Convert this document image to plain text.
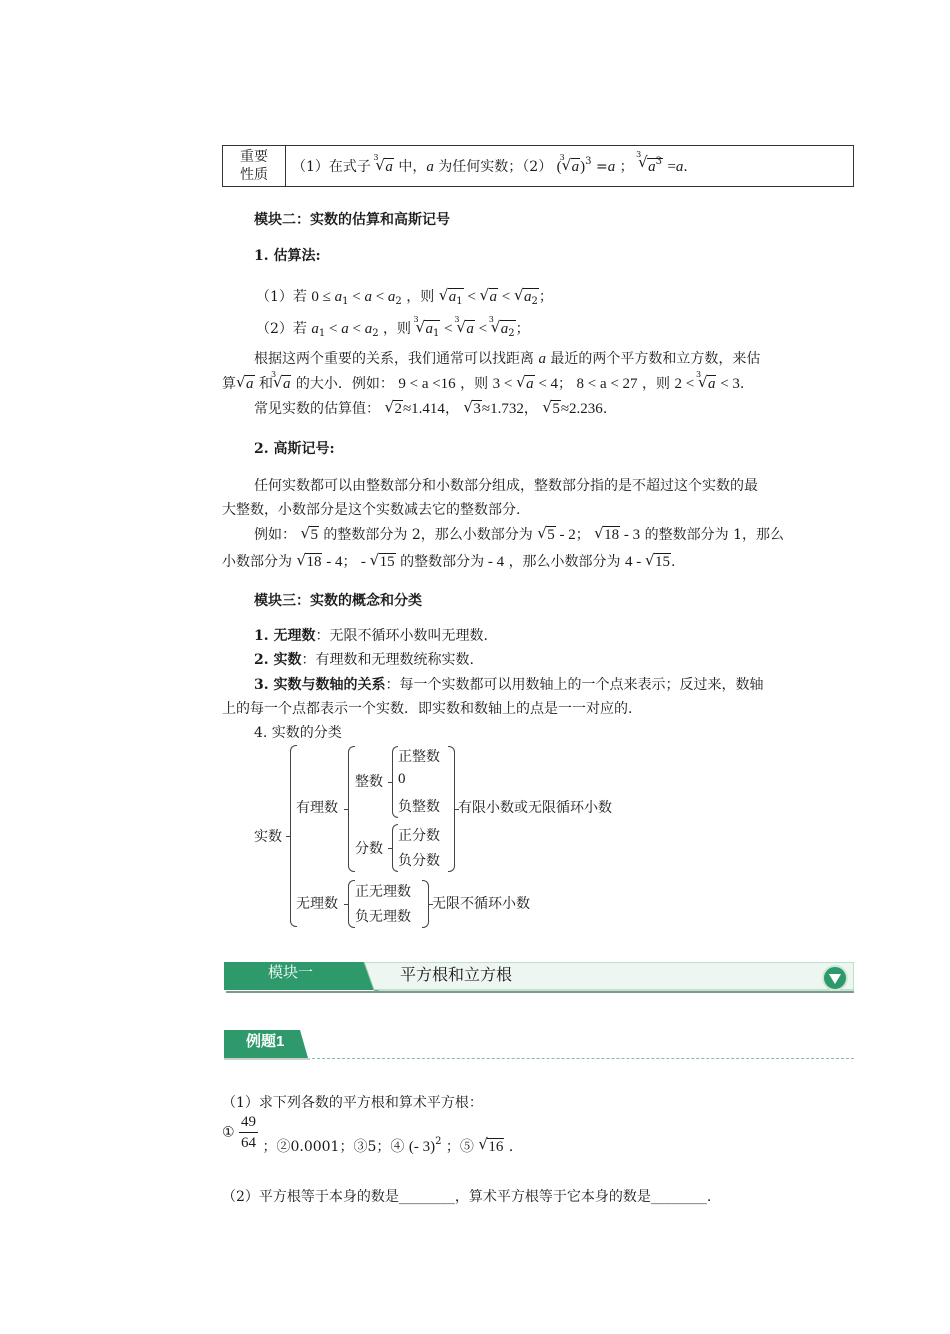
重要
性质	（1）在式子
√ 3
a 中，a 为任何实数；（2） (
√ 3
a)$^3$ =a ；
√ 3
$a^3 =a$．
模块二：实数的估算和高斯记号
1. 估算法:
（1）若 $0 \le a_1 < a < a_2$ ，则 √ $a_1$ < √ a < √ $a_2$；
（2）若 $a_1 < a < a_2$ ，则
√ 3
$a_1$ <
√ 3
a <
√ 3
$a_2$；
根据这两个重要的关系，我们通常可以找距离 a 最近的两个平方数和立方数，来估
算 √ a 和
√ 3
a 的大小．例如： 9 < a <16 ，则 3 < √ a < 4； 8 < a < 27 ，则 2 <
√ 3
a < 3.
常见实数的估算值： √ 2≈1.414， √ 3≈1.732， √ 5≈2.236.
2. 高斯记号:
任何实数都可以由整数部分和小数部分组成，整数部分指的是不超过这个实数的最
大整数，小数部分是这个实数减去它的整数部分.
例如： √ 5 的整数部分为 2，那么小数部分为 √ 5 - 2； √ 18 - 3 的整数部分为 1，那么
小数部分为 √ 18 - 4； - √ 15 的整数部分为 - 4 ，那么小数部分为 4 - √ 15.
模块三：实数的概念和分类
1. 无理数：无限不循环小数叫无理数.
2. 实数：有理数和无理数统称实数.
3. 实数与数轴的关系：每一个实数都可以用数轴上的一个点来表示；反过来，数轴
上的每一个点都表示一个实数．即实数和数轴上的点是一一对应的.
4. 实数的分类
实数
有理数
整数
正整数
0
负整数
分数
正分数
负分数
有限小数或无限循环小数
无理数
正无理数
负无理数
无限不循环小数
模块一	平方根和立方根
例题1
（1）求下列各数的平方根和算术平方根：
① $\frac{49}{64}$ ；②0.0001；③5；④ (- 3)$^2$ ；⑤ √ 16 ．
（2）平方根等于本身的数是________，算术平方根等于它本身的数是________.
